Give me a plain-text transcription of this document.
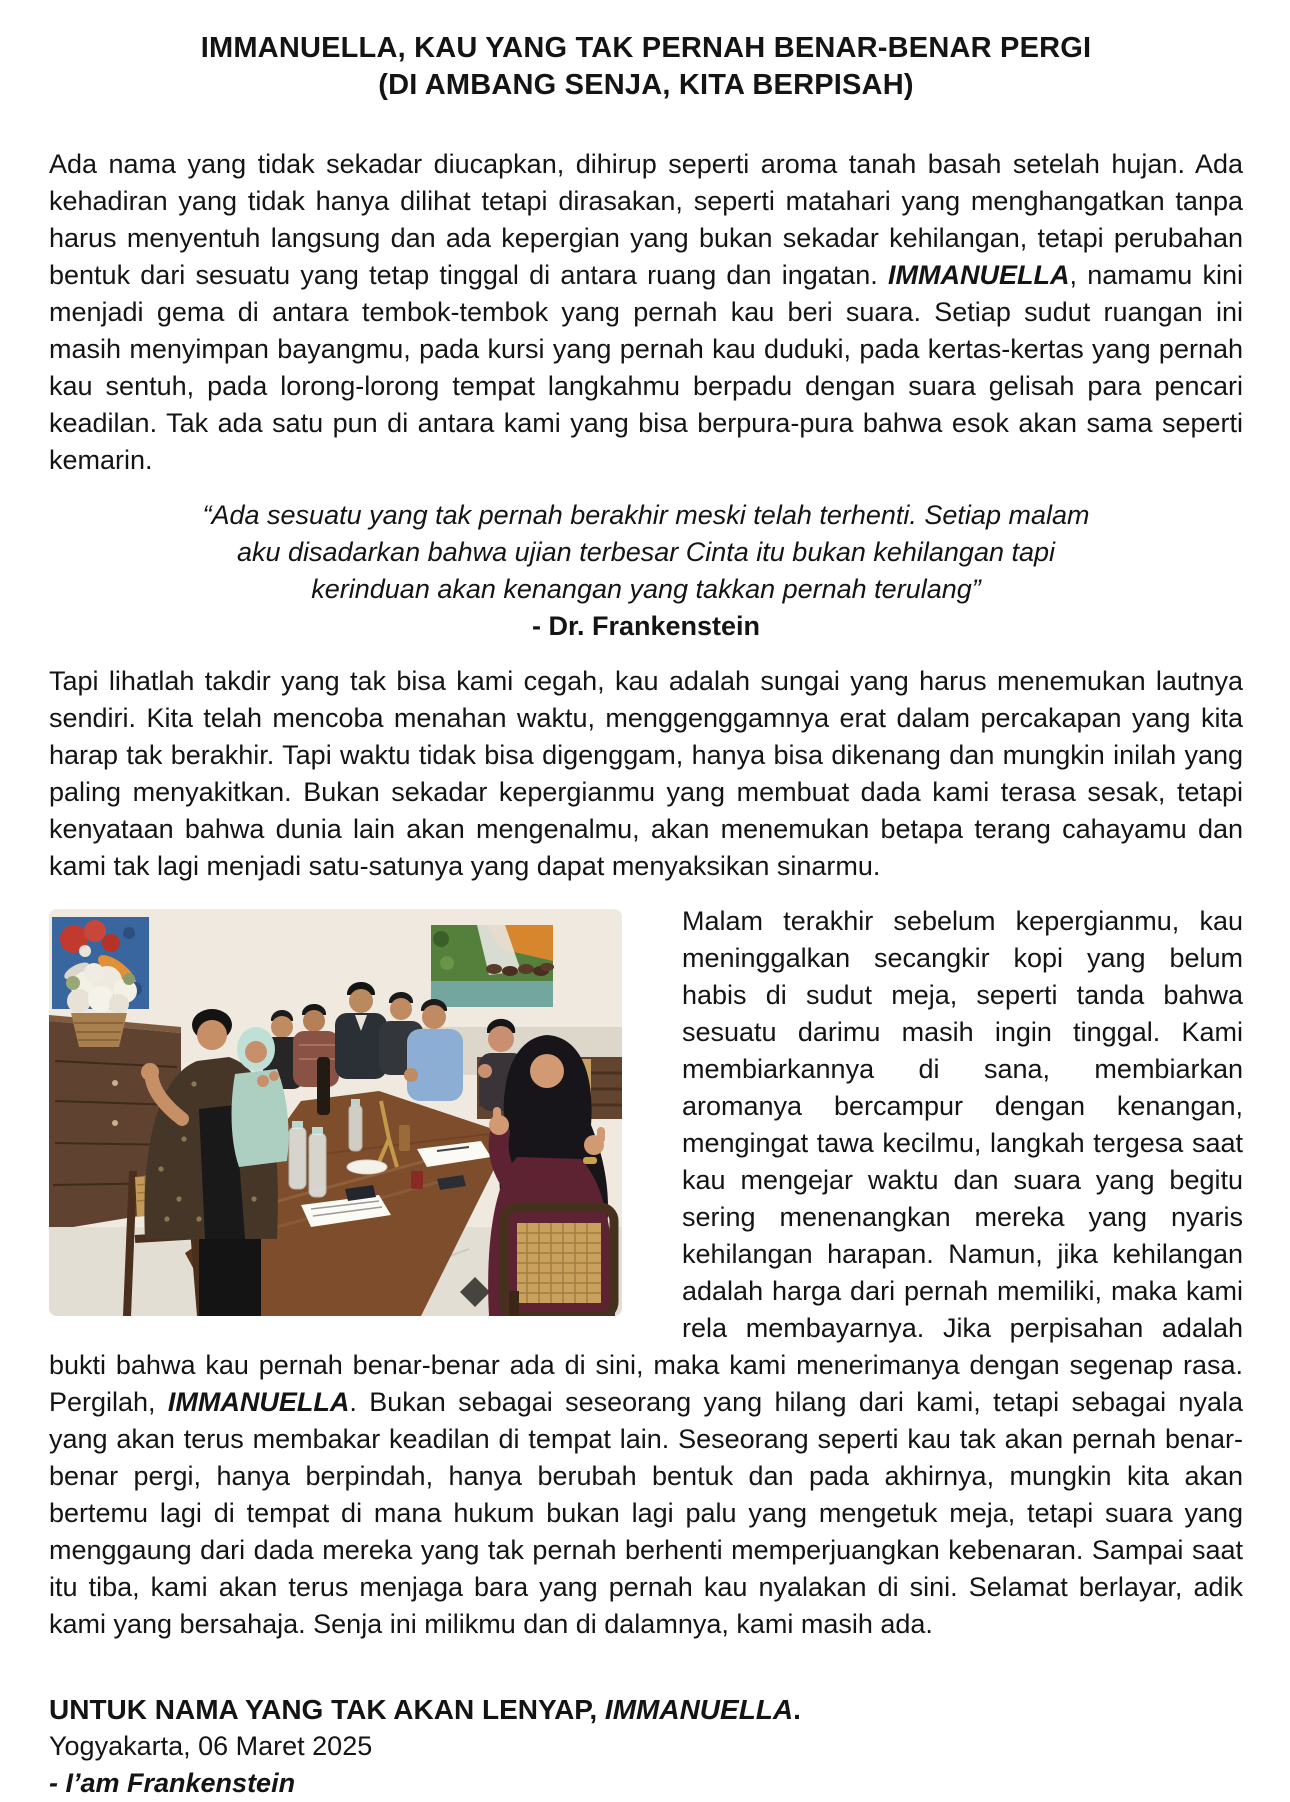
IMMANUELLA, KAU YANG TAK PERNAH BENAR-BENAR PERGI
(DI AMBANG SENJA, KITA BERPISAH)

Ada nama yang tidak sekadar diucapkan, dihirup seperti aroma tanah basah setelah hujan. Ada kehadiran yang tidak hanya dilihat tetapi dirasakan, seperti matahari yang menghangatkan tanpa harus menyentuh langsung dan ada kepergian yang bukan sekadar kehilangan, tetapi perubahan bentuk dari sesuatu yang tetap tinggal di antara ruang dan ingatan. IMMANUELLA, namamu kini menjadi gema di antara tembok-tembok yang pernah kau beri suara. Setiap sudut ruangan ini masih menyimpan bayangmu, pada kursi yang pernah kau duduki, pada kertas-kertas yang pernah kau sentuh, pada lorong-lorong tempat langkahmu berpadu dengan suara gelisah para pencari keadilan. Tak ada satu pun di antara kami yang bisa berpura-pura bahwa esok akan sama seperti kemarin.

“Ada sesuatu yang tak pernah berakhir meski telah terhenti. Setiap malam
aku disadarkan bahwa ujian terbesar Cinta itu bukan kehilangan tapi
kerinduan akan kenangan yang takkan pernah terulang”
- Dr. Frankenstein

Tapi lihatlah takdir yang tak bisa kami cegah, kau adalah sungai yang harus menemukan lautnya sendiri. Kita telah mencoba menahan waktu, menggenggamnya erat dalam percakapan yang kita harap tak berakhir. Tapi waktu tidak bisa digenggam, hanya bisa dikenang dan mungkin inilah yang paling menyakitkan. Bukan sekadar kepergianmu yang membuat dada kami terasa sesak, tetapi kenyataan bahwa dunia lain akan mengenalmu, akan menemukan betapa terang cahayamu dan kami tak lagi menjadi satu-satunya yang dapat menyaksikan sinarmu.

Malam terakhir sebelum kepergianmu, kau meninggalkan secangkir kopi yang belum habis di sudut meja, seperti tanda bahwa sesuatu darimu masih ingin tinggal. Kami membiarkannya di sana, membiarkan aromanya bercampur dengan kenangan, mengingat tawa kecilmu, langkah tergesa saat kau mengejar waktu dan suara yang begitu sering menenangkan mereka yang nyaris kehilangan harapan. Namun, jika kehilangan adalah harga dari pernah memiliki, maka kami rela membayarnya. Jika perpisahan adalah bukti bahwa kau pernah benar-benar ada di sini, maka kami menerimanya dengan segenap rasa. Pergilah, IMMANUELLA. Bukan sebagai seseorang yang hilang dari kami, tetapi sebagai nyala yang akan terus membakar keadilan di tempat lain. Seseorang seperti kau tak akan pernah benar-benar pergi, hanya berpindah, hanya berubah bentuk dan pada akhirnya, mungkin kita akan bertemu lagi di tempat di mana hukum bukan lagi palu yang mengetuk meja, tetapi suara yang menggaung dari dada mereka yang tak pernah berhenti memperjuangkan kebenaran. Sampai saat itu tiba, kami akan terus menjaga bara yang pernah kau nyalakan di sini. Selamat berlayar, adik kami yang bersahaja. Senja ini milikmu dan di dalamnya, kami masih ada.
UNTUK NAMA YANG TAK AKAN LENYAP, IMMANUELLA.
Yogyakarta, 06 Maret 2025
- I’am Frankenstein
